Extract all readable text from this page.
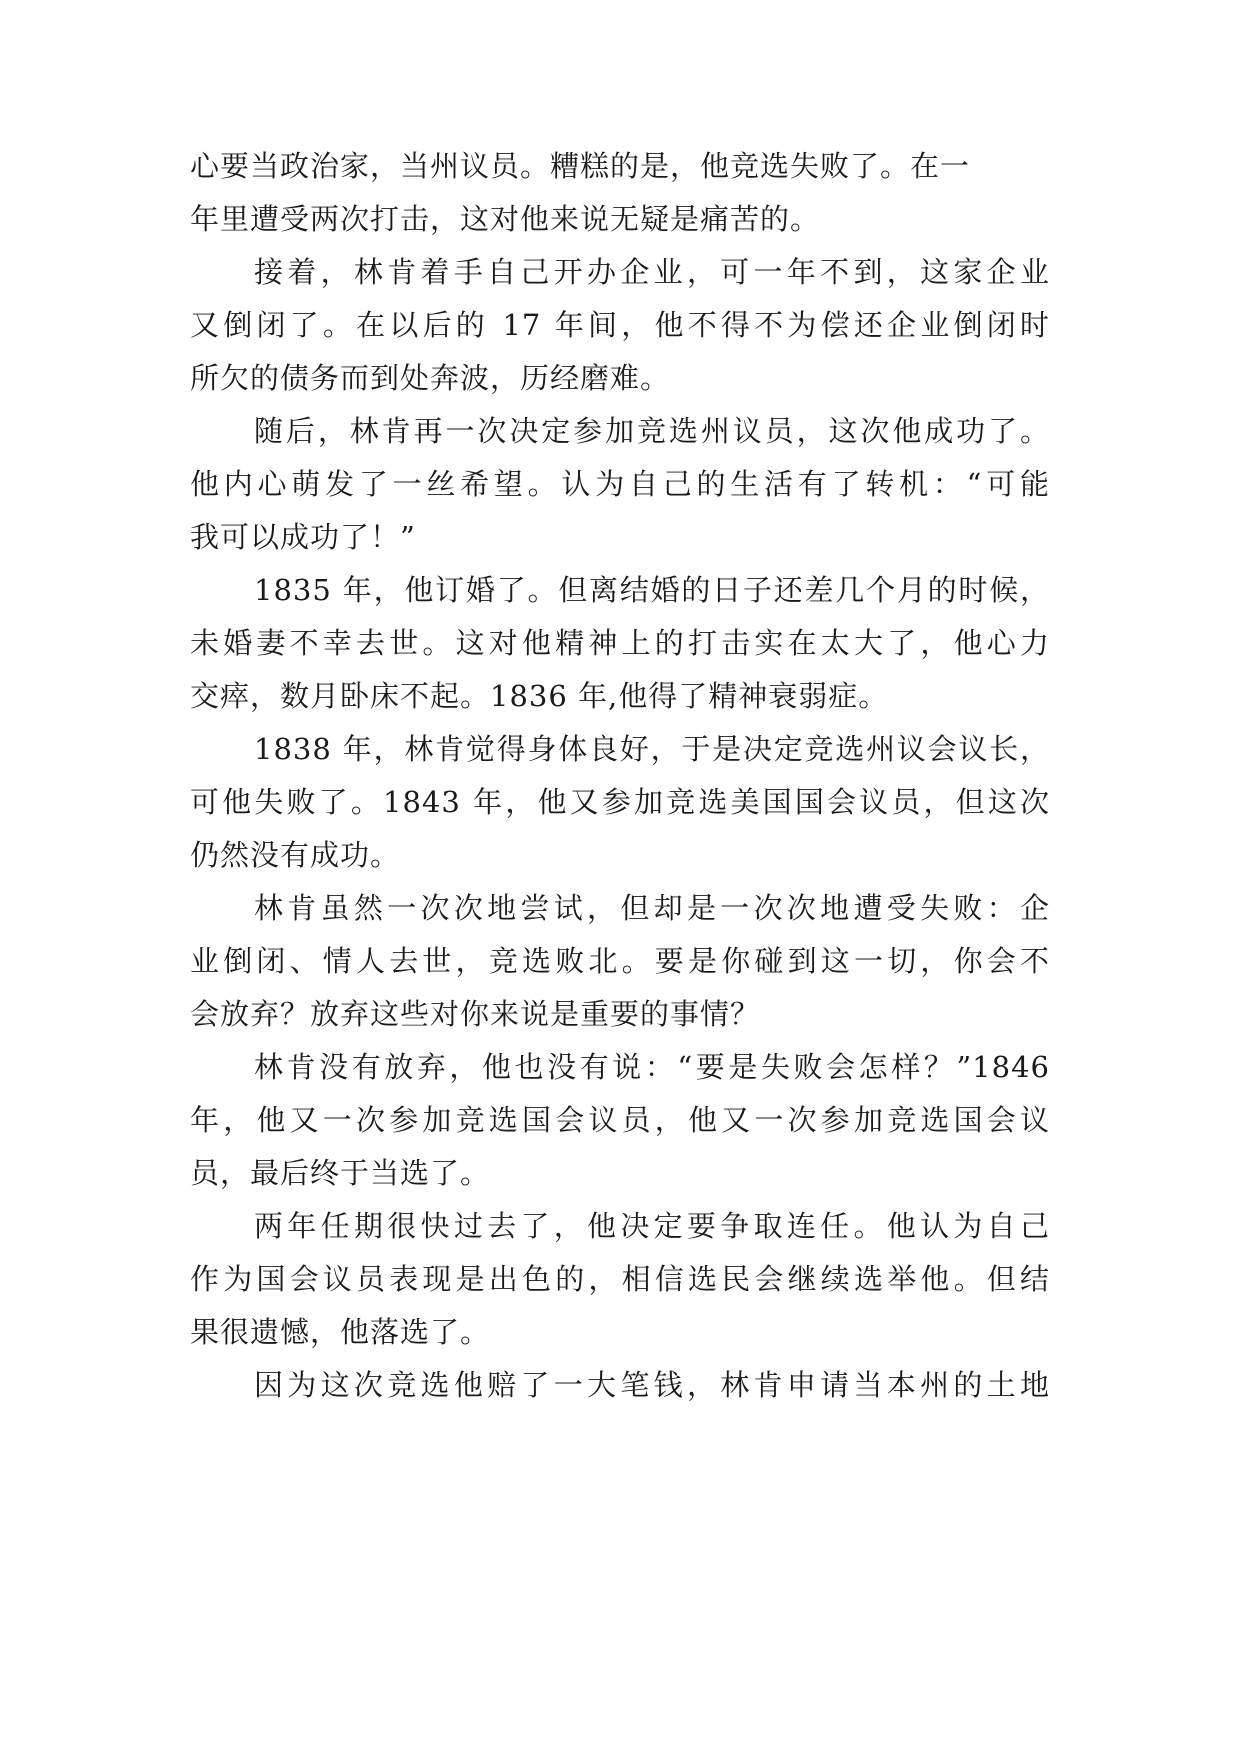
心要当政治家，当州议员。糟糕的是，他竞选失败了。在一
年里遭受两次打击，这对他来说无疑是痛苦的。
接着，林肯着手自己开办企业，可一年不到，这家企业
又倒闭了。在以后的 17 年间，他不得不为偿还企业倒闭时
所欠的债务而到处奔波，历经磨难。
随后，林肯再一次决定参加竞选州议员，这次他成功了。
他内心萌发了一丝希望。认为自己的生活有了转机：“可能
我可以成功了！”
1835 年，他订婚了。但离结婚的日子还差几个月的时候，
未婚妻不幸去世。这对他精神上的打击实在太大了，他心力
交瘁，数月卧床不起。1836 年,他得了精神衰弱症。
1838 年，林肯觉得身体良好，于是决定竞选州议会议长，
可他失败了。1843 年，他又参加竞选美国国会议员，但这次
仍然没有成功。
林肯虽然一次次地尝试，但却是一次次地遭受失败：企
业倒闭、情人去世，竞选败北。要是你碰到这一切，你会不
会放弃？放弃这些对你来说是重要的事情？
林肯没有放弃，他也没有说：“要是失败会怎样？”1846
年，他又一次参加竞选国会议员，他又一次参加竞选国会议
员，最后终于当选了。
两年任期很快过去了，他决定要争取连任。他认为自己
作为国会议员表现是出色的，相信选民会继续选举他。但结
果很遗憾，他落选了。
因为这次竞选他赔了一大笔钱，林肯申请当本州的土地
